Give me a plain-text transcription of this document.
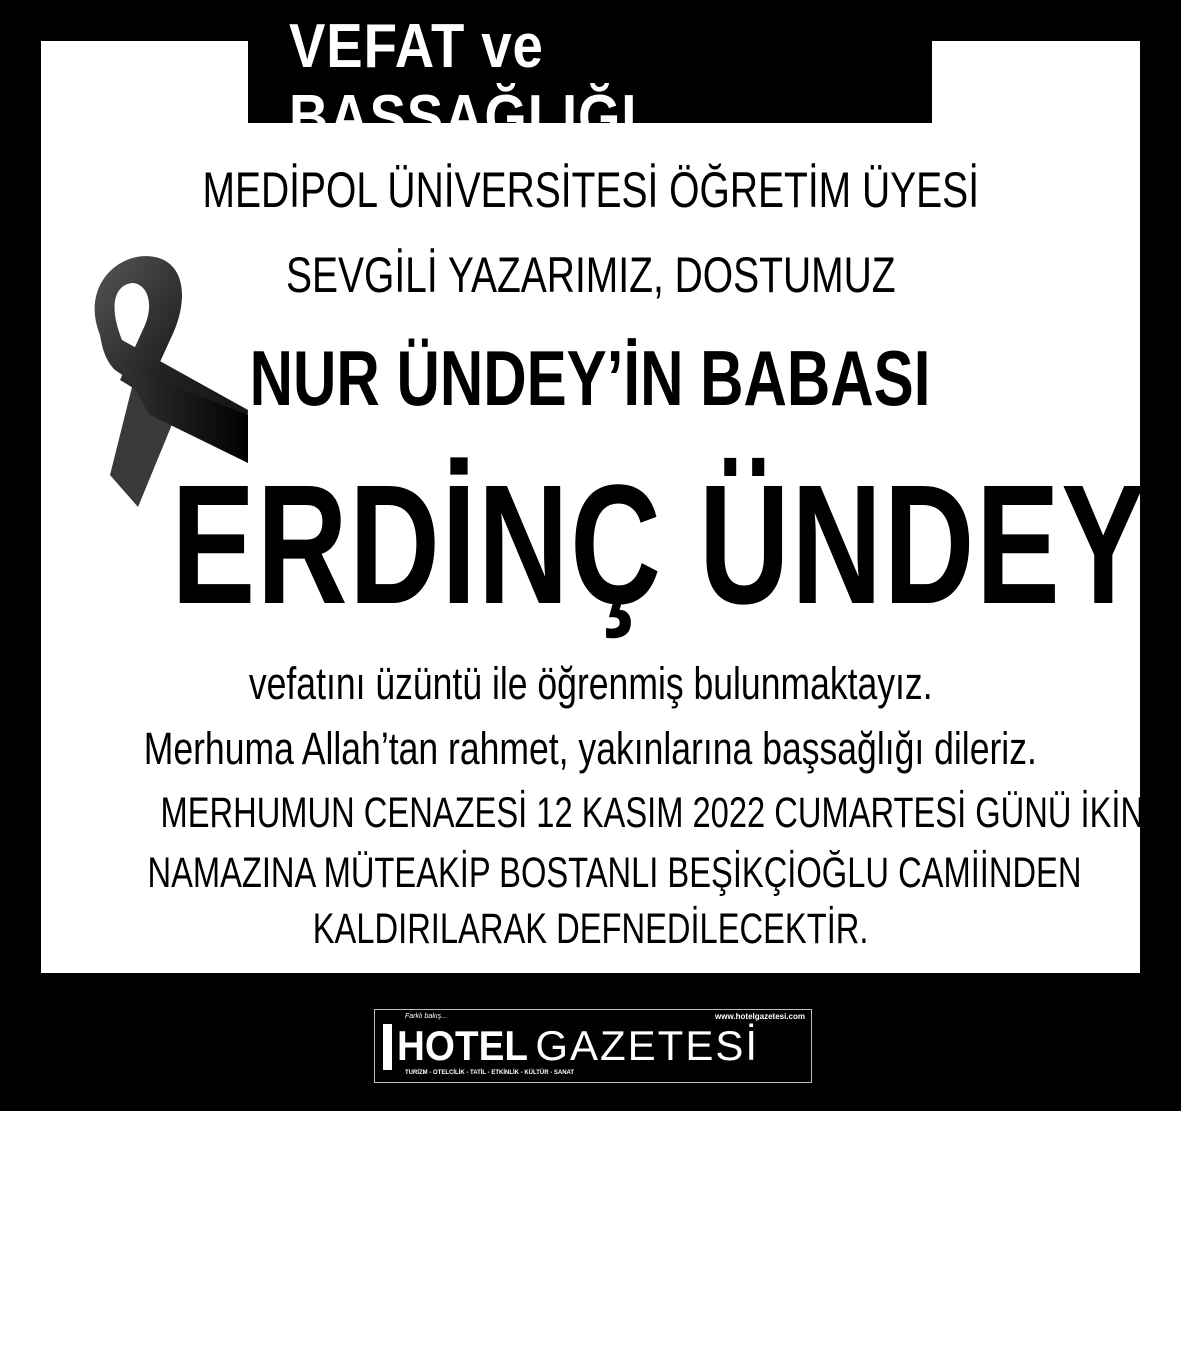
VEFAT ve BAŞSAĞLIĞI
MEDİPOL ÜNİVERSİTESİ ÖĞRETİM ÜYESİ
SEVGİLİ YAZARIMIZ, DOSTUMUZ
NUR ÜNDEY’İN BABASI
ERDİNÇ ÜNDEY
vefatını üzüntü ile öğrenmiş bulunmaktayız.
Merhuma Allah’tan rahmet, yakınlarına başsağlığı dileriz.
MERHUMUN CENAZESİ 12 KASIM 2022 CUMARTESİ GÜNÜ İKİNDİ
NAMAZINA MÜTEAKİP BOSTANLI BEŞİKÇİOĞLU CAMİİNDEN
KALDIRILARAK DEFNEDİLECEKTİR.
Farklı bakış...	www.hotelgazetesi.com
HOTEL GAZETESİ
TURİZM - OTELCİLİK - TATİL - ETKİNLİK - KÜLTÜR - SANAT
